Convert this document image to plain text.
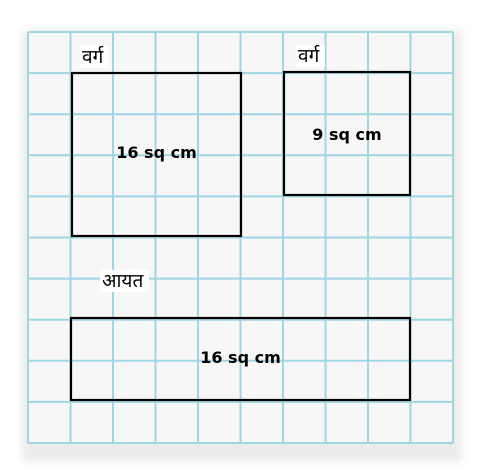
वर्ग
16 sq cm
वर्ग
9 sq cm
आयत
16 sq cm
